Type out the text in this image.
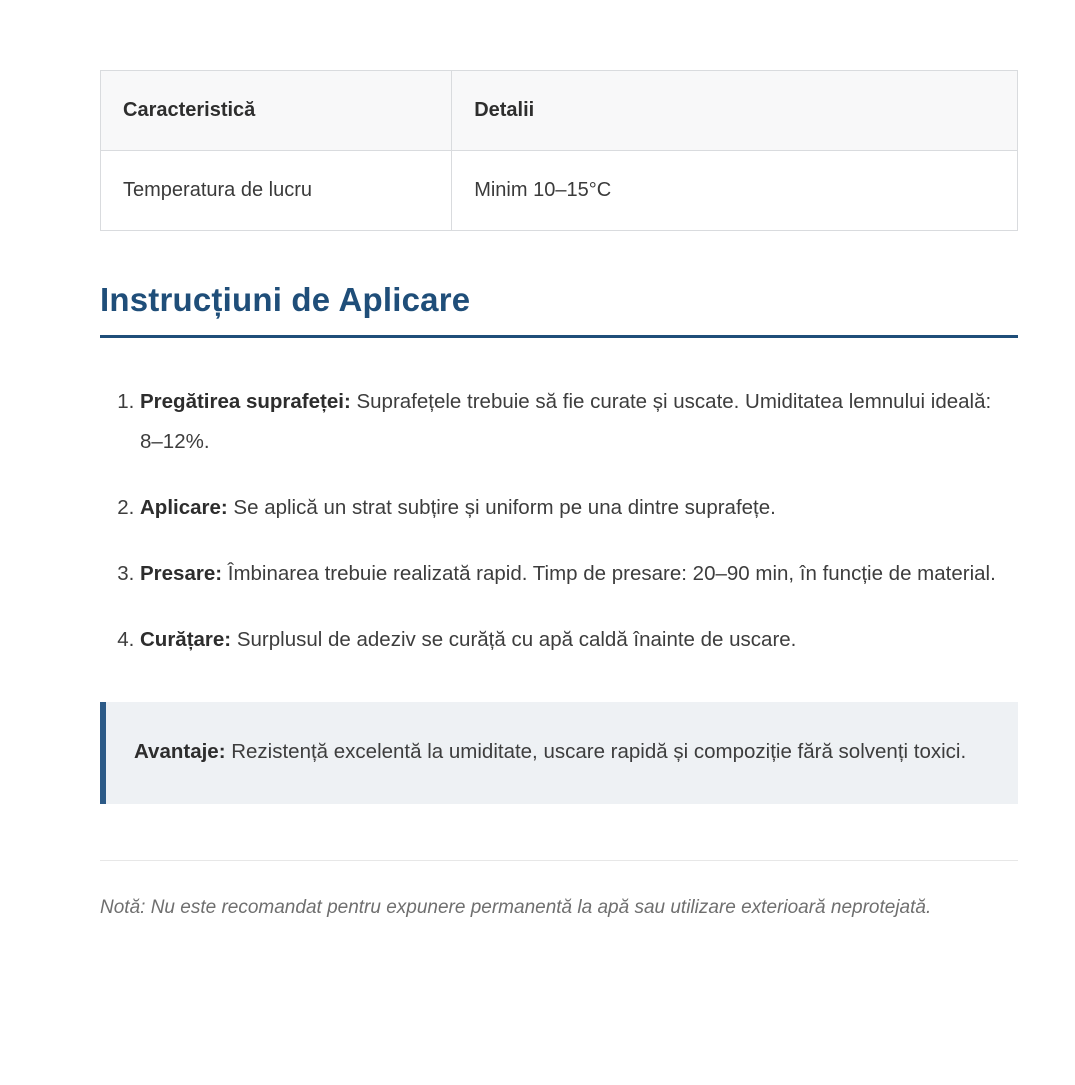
Caracteristică	Detalii
Temperatura de lucru	Minim 10–15°C
Instrucțiuni de Aplicare
1. Pregătirea suprafeței: Suprafețele trebuie să fie curate și uscate. Umiditatea lemnului ideală: 8–12%.
2. Aplicare: Se aplică un strat subțire și uniform pe una dintre suprafețe.
3. Presare: Îmbinarea trebuie realizată rapid. Timp de presare: 20–90 min, în funcție de material.
4. Curățare: Surplusul de adeziv se curăță cu apă caldă înainte de uscare.
Avantaje: Rezistență excelentă la umiditate, uscare rapidă și compoziție fără solvenți toxici.

Notă: Nu este recomandat pentru expunere permanentă la apă sau utilizare exterioară neprotejată.
